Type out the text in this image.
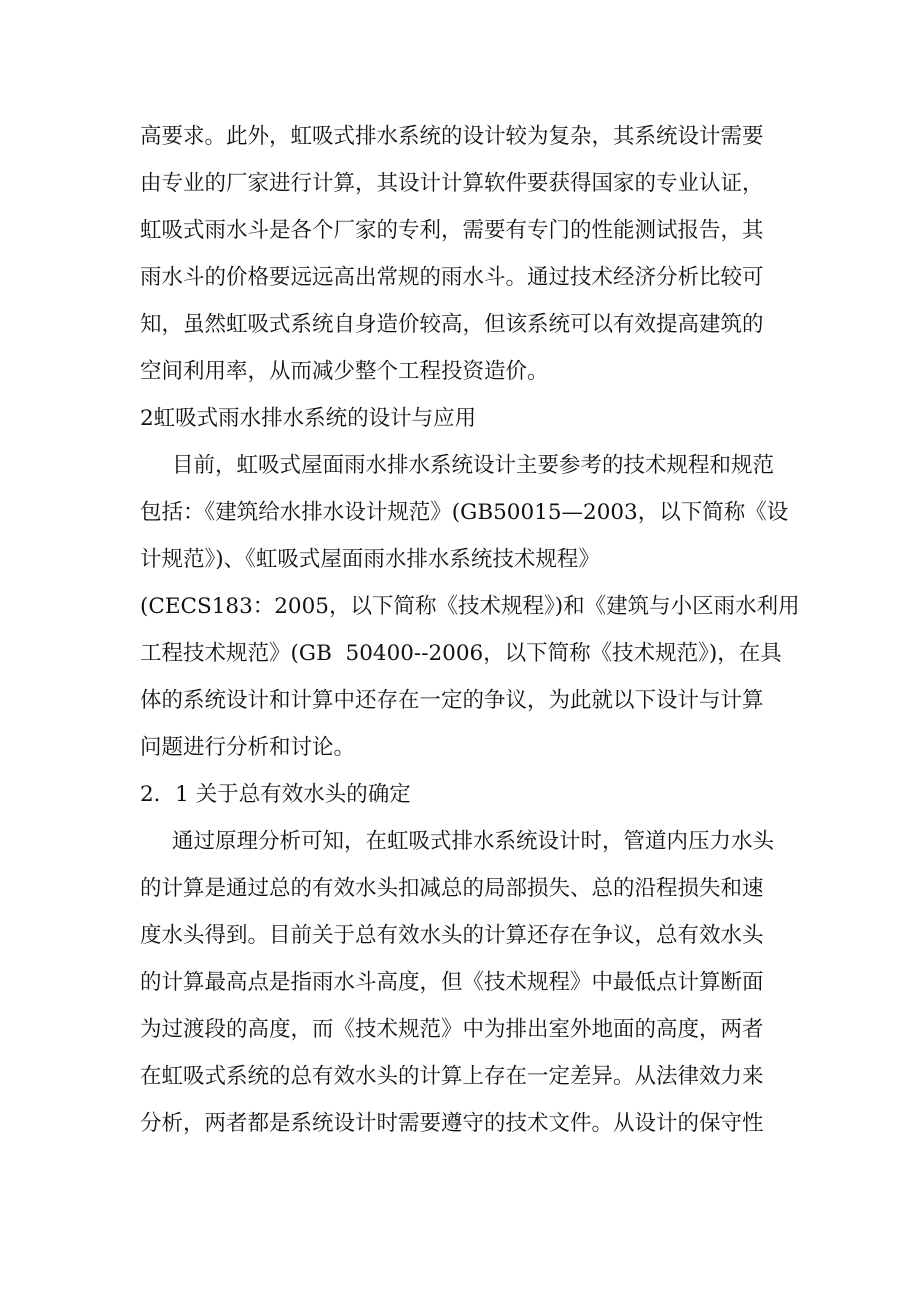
高要求。此外，虹吸式排水系统的设计较为复杂，其系统设计需要

由专业的厂家进行计算，其设计计算软件要获得国家的专业认证，

虹吸式雨水斗是各个厂家的专利，需要有专门的性能测试报告，其

雨水斗的价格要远远高出常规的雨水斗。通过技术经济分析比较可

知，虽然虹吸式系统自身造价较高，但该系统可以有效提高建筑的

空间利用率，从而减少整个工程投资造价。

2虹吸式雨水排水系统的设计与应用

目前，虹吸式屋面雨水排水系统设计主要参考的技术规程和规范

包括：《建筑给水排水设计规范》(GB50015—2003，以下简称《设

计规范》)、《虹吸式屋面雨水排水系统技术规程》

(CECS183：2005，以下简称《技术规程》)和《建筑与小区雨水利用

工程技术规范》(GB  50400--2006，以下简称《技术规范》)，在具

体的系统设计和计算中还存在一定的争议，为此就以下设计与计算

问题进行分析和讨论。

2．1 关于总有效水头的确定

通过原理分析可知，在虹吸式排水系统设计时，管道内压力水头

的计算是通过总的有效水头扣减总的局部损失、总的沿程损失和速

度水头得到。目前关于总有效水头的计算还存在争议，总有效水头

的计算最高点是指雨水斗高度，但《技术规程》中最低点计算断面

为过渡段的高度，而《技术规范》中为排出室外地面的高度，两者

在虹吸式系统的总有效水头的计算上存在一定差异。从法律效力来

分析，两者都是系统设计时需要遵守的技术文件。从设计的保守性
